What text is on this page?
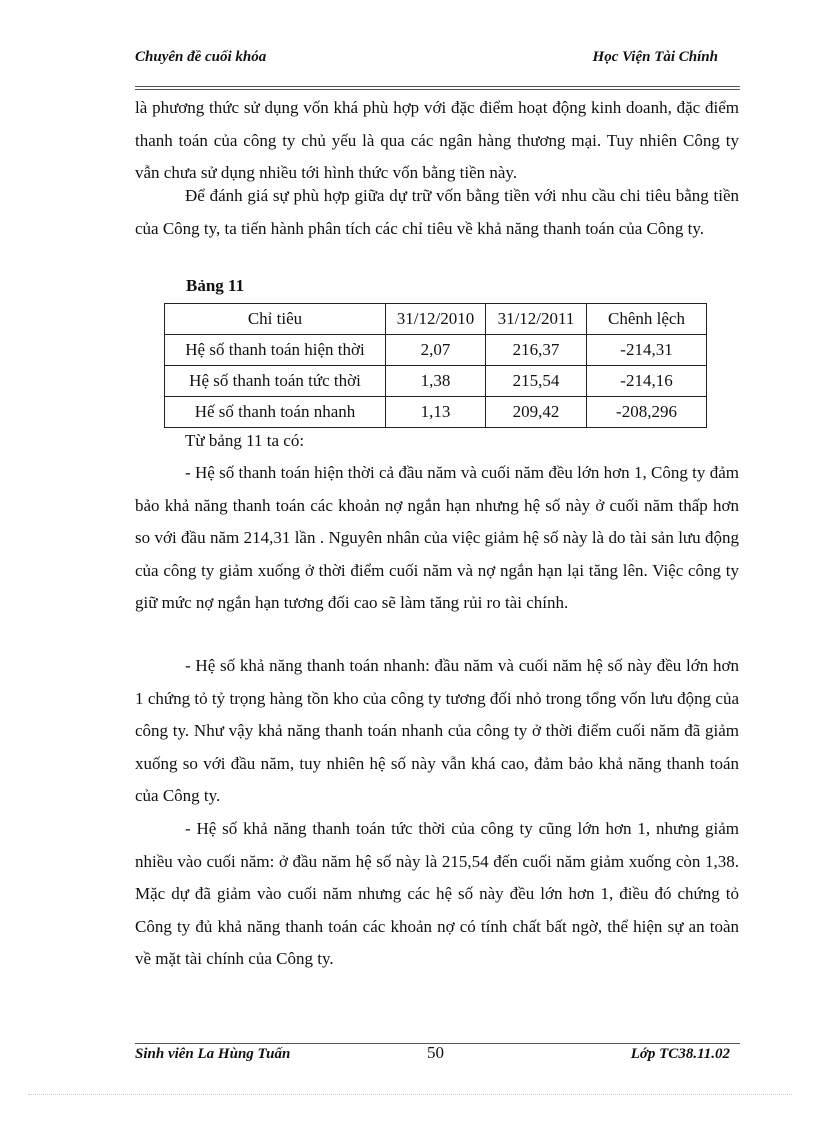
Chuyên đề cuối khóa	Học Viện Tài Chính

là phương thức sử dụng vốn khá phù hợp với đặc điểm hoạt động kinh doanh, đặc điểm thanh toán của công ty chủ yếu là qua các ngân hàng thương mại. Tuy nhiên Công ty vẫn chưa sử dụng nhiều tới hình thức vốn bằng tiền này.

Để đánh giá sự phù hợp giữa dự trữ vốn bằng tiền với nhu cầu chi tiêu bằng tiền của Công ty, ta tiến hành phân tích các chỉ tiêu về khả năng thanh toán của Công ty.

Bảng 11
Chỉ tiêu	31/12/2010	31/12/2011	Chênh lệch
Hệ số thanh toán hiện thời	2,07	216,37	-214,31
Hệ số thanh toán tức thời	1,38	215,54	-214,16
Hế số thanh toán nhanh	1,13	209,42	-208,296

Từ bảng 11 ta có:

- Hệ số thanh toán hiện thời cả đầu năm và cuối năm đều lớn hơn 1, Công ty đảm bảo khả năng thanh toán các khoản nợ ngắn hạn nhưng hệ số này ở cuối năm thấp hơn so với đầu năm 214,31 lần . Nguyên nhân của việc giảm hệ số này là do tài sản lưu động của công ty giảm xuống ở thời điểm cuối năm và nợ ngắn hạn lại tăng lên. Việc công ty giữ mức nợ ngắn hạn tương đối cao sẽ làm tăng rủi ro tài chính.

- Hệ số khả năng thanh toán nhanh: đầu năm và cuối năm hệ số này đều lớn hơn 1 chứng tỏ tỷ trọng hàng tồn kho của công ty tương đối nhỏ trong tổng vốn lưu động của công ty. Như vậy khả năng thanh toán nhanh của công ty ở thời điểm cuối năm đã giảm xuống so với đầu năm, tuy nhiên hệ số này vẫn khá cao, đảm bảo khả năng thanh toán của Công ty.

- Hệ số khả năng thanh toán tức thời của công ty cũng lớn hơn 1, nhưng giảm nhiều vào cuối năm: ở đầu năm hệ số này là 215,54 đến cuối năm giảm xuống còn 1,38. Mặc dự đã giảm vào cuối năm nhưng các hệ số này đều lớn hơn 1, điều đó chứng tỏ Công ty đủ khả năng thanh toán các khoản nợ có tính chất bất ngờ, thể hiện sự an toàn về mặt tài chính của Công ty.

Sinh viên La Hùng Tuấn	50	Lớp TC38.11.02
